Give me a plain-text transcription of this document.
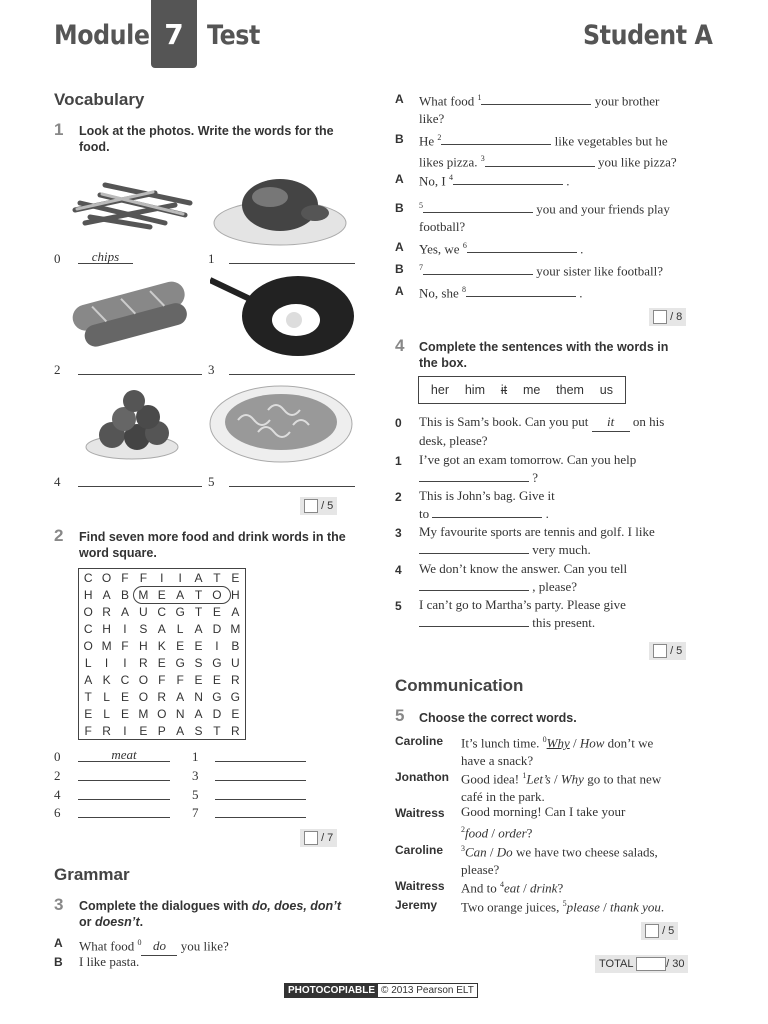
Module 7 Test	Student A
Vocabulary
1 Look at the photos. Write the words for the food.
0	chips	1
2	3
4	5
/ 5
2 Find seven more food and drink words in the word square.
C	O	F	F	I	I	A	T	E
H	A	B	M	E	A	T	O	H
O	R	A	U	C	G	T	E	A
C	H	I	S	A	L	A	D	M
O	M	F	H	K	E	E	I	B
L	I	I	R	E	G	S	G	U
A	K	C	O	F	F	E	E	R
T	L	E	O	R	A	N	G	G
E	L	E	M	O	N	A	D	E
F	R	I	E	P	A	S	T	R
0	meat	1
2	3
4	5
6	7
/ 7
Grammar
3 Complete the dialogues with do, does, don’t or doesn’t.
A What food $^0$ do you like?
B I like pasta.
A What food $^1$	your brother
like?
B He $^2$	like vegetables but he
likes pizza. $^3$	you like pizza?
A No, I $^4$	.
B $^5$	you and your friends play
football?
A Yes, we $^6$	.
B $^7$	your sister like football?
A No, she $^8$	.
/ 8
4 Complete the sentences with the words in the box.
her him it me them us
0 This is Sam’s book. Can you put it on his
desk, please?
1 I’ve got an exam tomorrow. Can you help
?
2 This is John’s bag. Give it
to	.
3 My favourite sports are tennis and golf. I like
very much.
4 We don’t know the answer. Can you tell
, please?
5 I can’t go to Martha’s party. Please give
this present.
/ 5
Communication
5 Choose the correct words.
Caroline It’s lunch time. $^0$Why / How don’t we
have a snack?
Jonathon Good idea! $^1$Let’s / Why go to that new
café in the park.
Waitress Good morning! Can I take your
$^2$food / order?
Caroline $^3$Can / Do we have two cheese salads,
please?
Waitress And to $^4$eat / drink?
Jeremy Two orange juices, $^5$please / thank you.
/ 5
TOTAL	/ 30
PHOTOCOPIABLE © 2013 Pearson ELT
